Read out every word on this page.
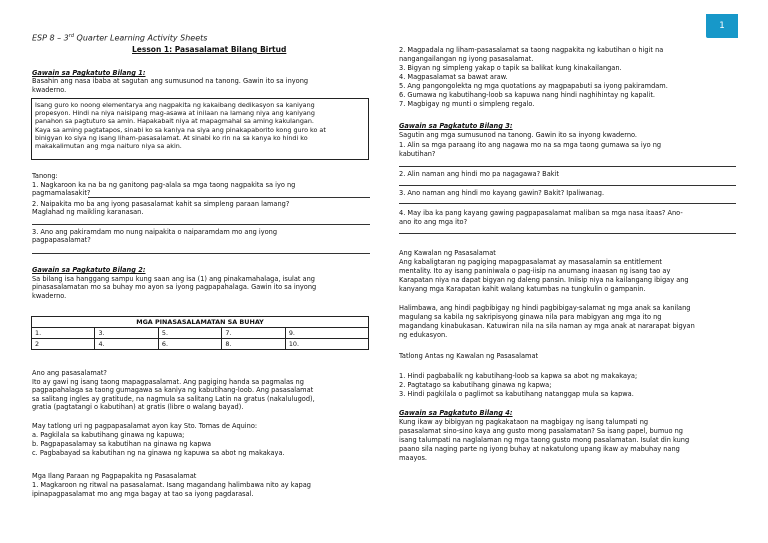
1
ESP 8 – 3rd Quarter Learning Activity Sheets
Lesson 1: Pasasalamat Bilang Birtud
Gawain sa Pagkatuto Bilang 1:
Basahin ang nasa ibaba at sagutan ang sumusunod na tanong. Gawin ito sa inyong
kwaderno.
Isang guro ko noong elementarya ang nagpakita ng kakaibang dedikasyon sa kaniyang
propesyon. Hindi na niya naisipang mag-asawa at inilaan na lamang niya ang kaniyang
panahon sa pagtuturo sa amin. Hapakabait niya at mapagmahal sa aming kakulangan.
Kaya sa aming pagtatapos, sinabi ko sa kaniya na siya ang pinakapaborito kong guro ko at
binigyan ko siya ng isang liham-pasasalamat. At sinabi ko rin na sa kanya ko hindi ko
makakalimutan ang mga naituro niya sa akin.
Tanong:
1. Nagkaroon ka na ba ng ganitong pag-alala sa mga taong nagpakita sa iyo ng
pagmamalasakit?
2. Naipakita mo ba ang iyong pasasalamat kahit sa simpleng paraan lamang?
Maglahad ng maikling karanasan.
3. Ano ang pakiramdam mo nung naipakita o naiparamdam mo ang iyong
pagpapasalamat?
Gawain sa Pagkatuto Bilang 2:
Sa bilang isa hanggang sampu kung saan ang isa (1) ang pinakamahalaga, isulat ang
pinasasalamatan mo sa buhay mo ayon sa iyong pagpapahalaga. Gawin ito sa inyong
kwaderno.
MGA PINASASALAMATAN SA BUHAY				
1.	3.	5.	7.	9.
2	4.	6.	8.	10.
Ano ang pasasalamat?
Ito ay gawi ng isang taong mapagpasalamat. Ang pagiging handa sa pagmalas ng
pagpapahalaga sa taong gumagawa sa kaniya ng kabutihang-loob. Ang pasasalamat
sa salitang ingles ay gratitude, na nagmula sa salitang Latin na gratus (nakalulugod),
gratia (pagtatangi o kabutihan) at gratis (libre o walang bayad).
May tatlong uri ng pagpapasalamat ayon kay Sto. Tomas de Aquino:
a. Pagkilala sa kabutihang ginawa ng kapuwa;
b. Pagpapasalamay sa kabutihan na ginawa ng kapwa
c. Pagbabayad sa kabutihan ng na ginawa ng kapuwa sa abot ng makakaya.
Mga Ilang Paraan ng Pagpapakita ng Pasasalamat
1. Magkaroon ng ritwal na pasasalamat. Isang magandang halimbawa nito ay kapag
ipinapagpasalamat mo ang mga bagay at tao sa iyong pagdarasal.
2. Magpadala ng liham-pasasalamat sa taong nagpakita ng kabutihan o higit na
nangangailangan ng iyong pasasalamat.
3. Bigyan ng simpleng yakap o tapik sa balikat kung kinakailangan.
4. Magpasalamat sa bawat araw.
5. Ang pangongolekta ng mga quotations ay magpapabuti sa iyong pakiramdam.
6. Gumawa ng kabutihang-loob sa kapuwa nang hindi naghihintay ng kapalit.
7. Magbigay ng munti o simpleng regalo.
Gawain sa Pagkatuto Bilang 3:
Sagutin ang mga sumusunod na tanong. Gawin ito sa inyong kwaderno.
1. Alin sa mga paraang ito ang nagawa mo na sa mga taong gumawa sa iyo ng
kabutihan?
2. Alin naman ang hindi mo pa nagagawa? Bakit
3. Ano naman ang hindi mo kayang gawin? Bakit? Ipaliwanag.
4. May iba ka pang kayang gawing pagpapasalamat maliban sa mga nasa itaas? Ano-
ano ito ang mga ito?
Ang Kawalan ng Pasasalamat
Ang kabaligtaran ng pagiging mapagpasalamat ay masasalamin sa entitlement
mentality. Ito ay isang paniniwala o pag-iisip na anumang inaasan ng isang tao ay
Karapatan niya na dapat bigyan ng daleng pansin. Iniisip niya na kailangang ibigay ang
kanyang mga Karapatan kahit walang katumbas na tungkulin o gampanin.
Halimbawa, ang hindi pagbibigay ng hindi pagbibigay-salamat ng mga anak sa kanilang
magulang sa kabila ng sakripisyong ginawa nila para mabigyan ang mga ito ng
magandang kinabukasan. Katuwiran nila na sila naman ay mga anak at nararapat bigyan
ng edukasyon.
Tatlong Antas ng Kawalan ng Pasasalamat
1. Hindi pagbabalik ng kabutihang-loob sa kapwa sa abot ng makakaya;
2. Pagtatago sa kabutihang ginawa ng kapwa;
3. Hindi pagkilala o paglimot sa kabutihang natanggap mula sa kapwa.
Gawain sa Pagkatuto Bilang 4:
Kung ikaw ay bibigyan ng pagkakataon na magbigay ng isang talumpati ng
pasasalamat sino-sino kaya ang gusto mong pasalamatan? Sa isang papel, bumuo ng
isang talumpati na naglalaman ng mga taong gusto mong pasalamatan. Isulat din kung
paano sila naging parte ng iyong buhay at nakatulong upang ikaw ay mabuhay nang
maayos.
